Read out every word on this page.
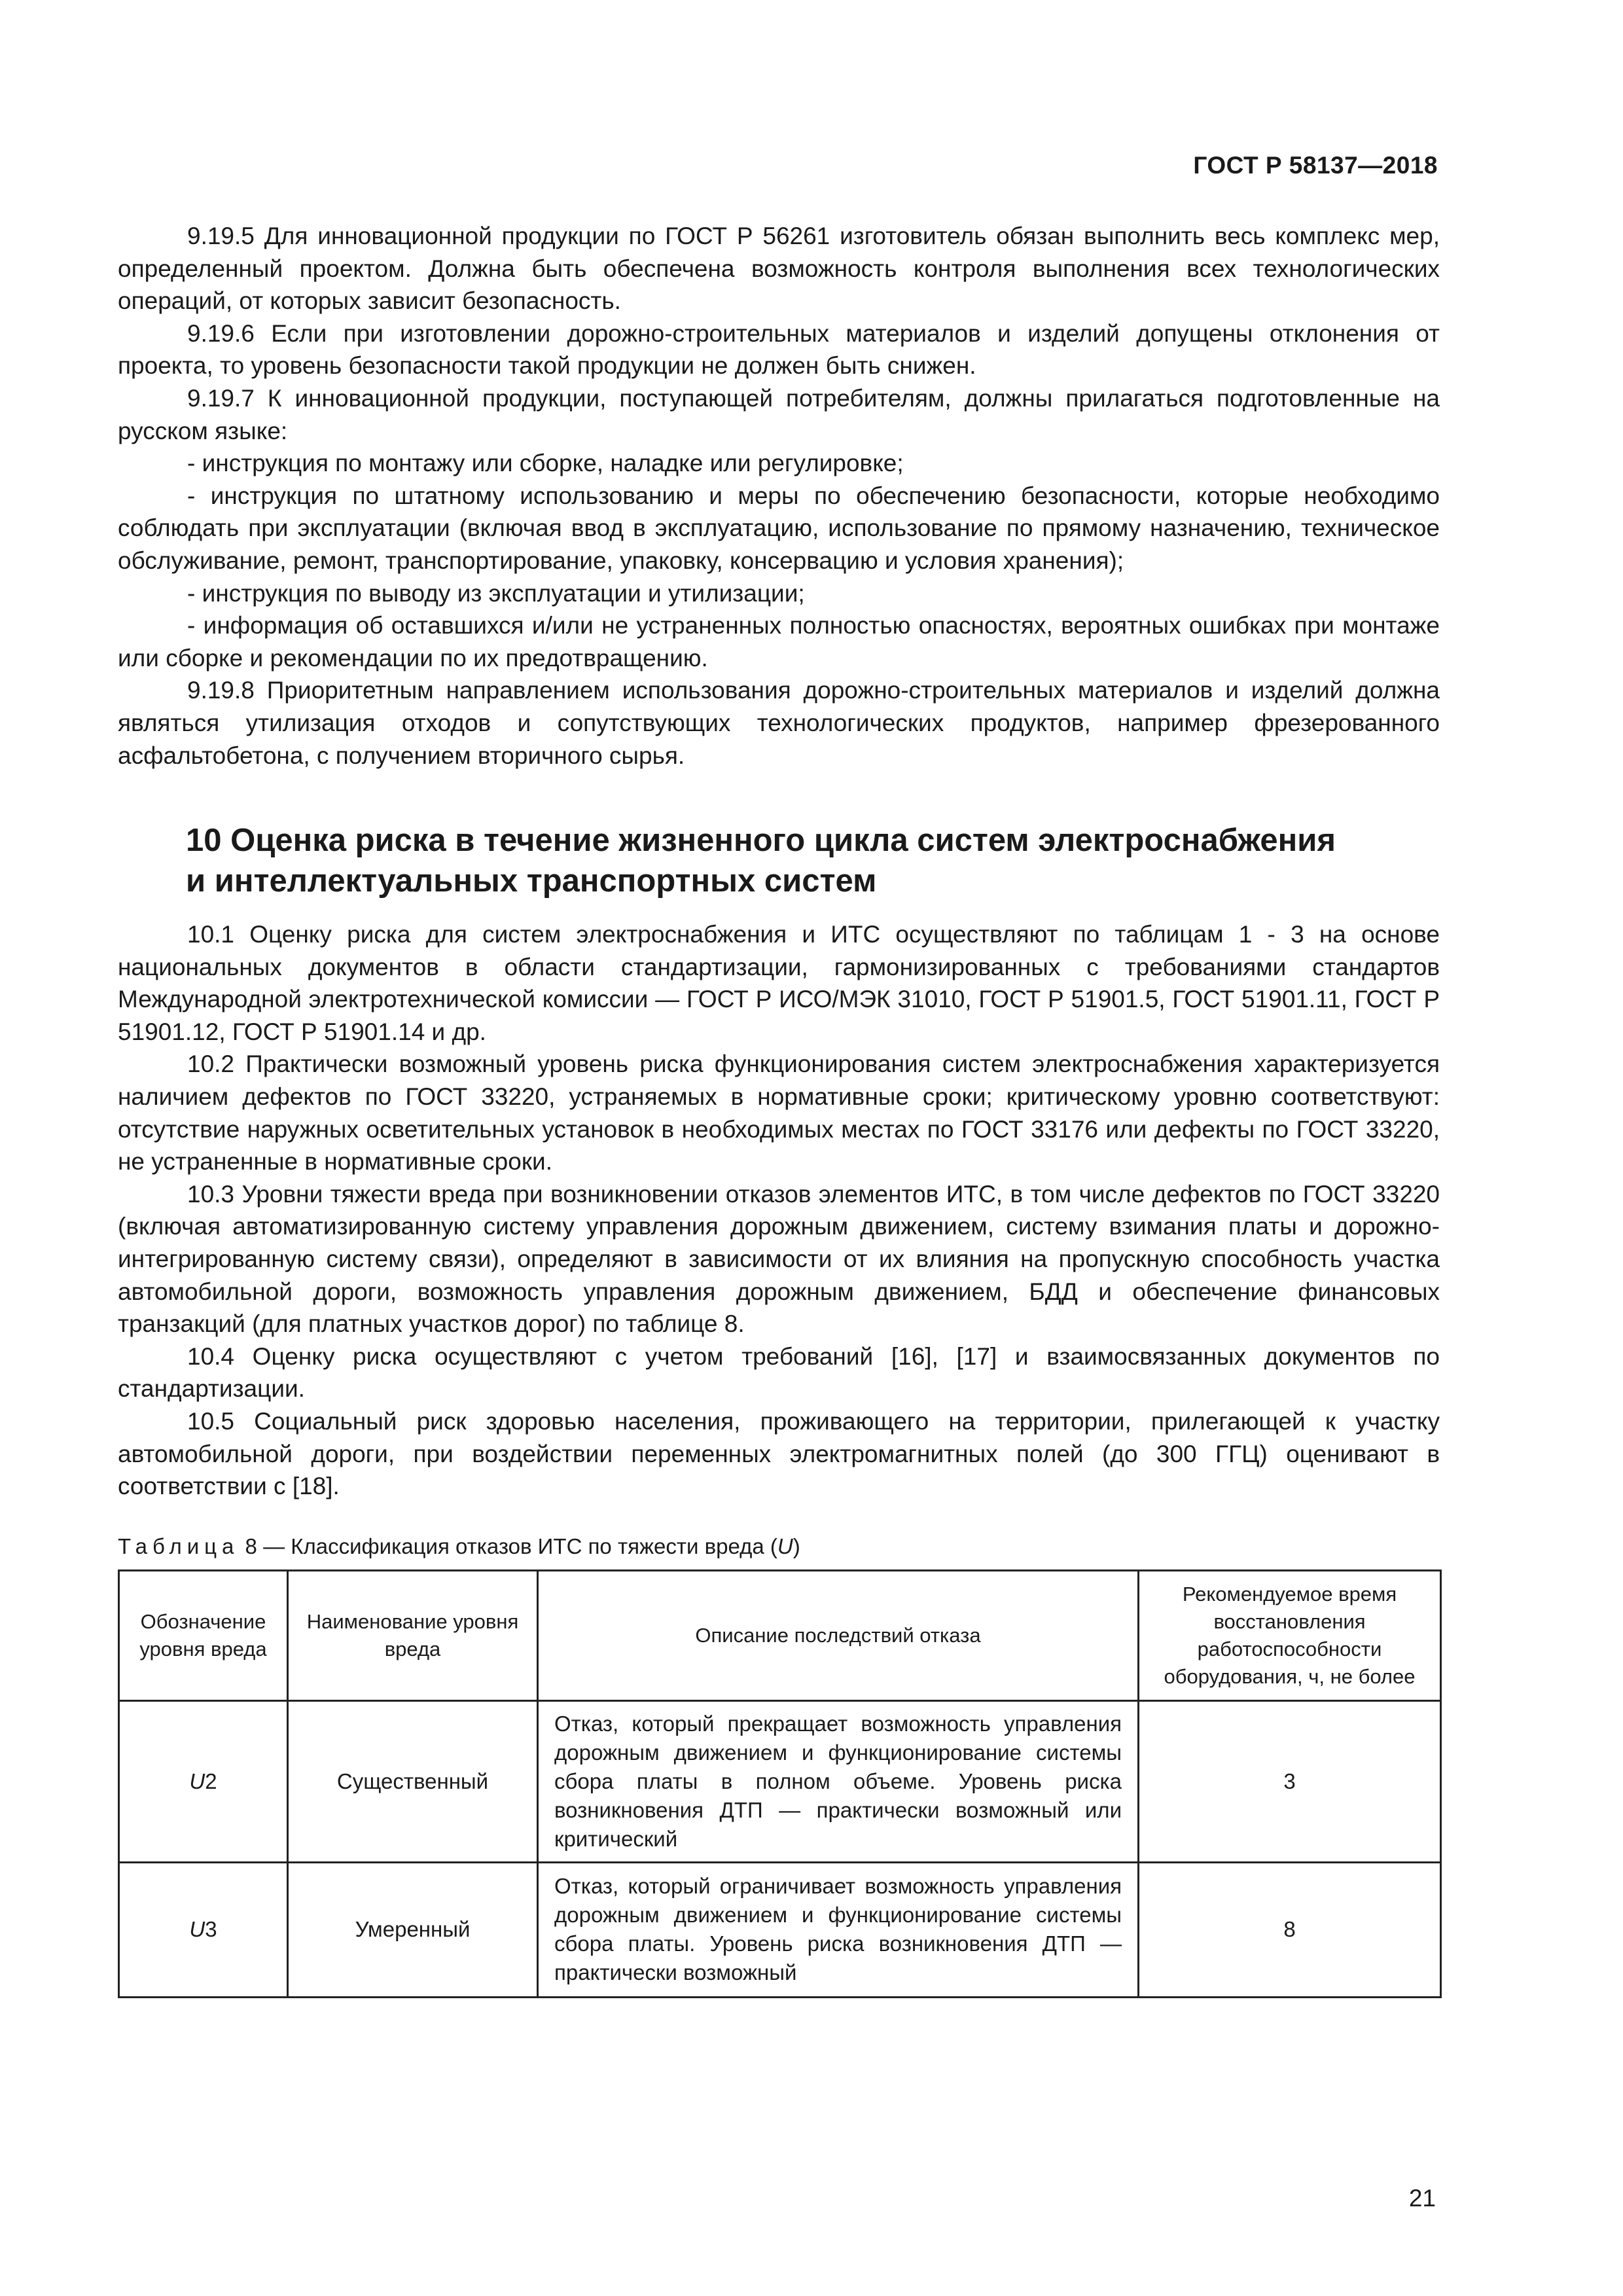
ГОСТ Р 58137—2018

9.19.5 Для инновационной продукции по ГОСТ Р 56261 изготовитель обязан выполнить весь комплекс мер, определенный проектом. Должна быть обеспечена возможность контроля выполнения всех технологических операций, от которых зависит безопасность.

9.19.6 Если при изготовлении дорожно-строительных материалов и изделий допущены отклонения от проекта, то уровень безопасности такой продукции не должен быть снижен.

9.19.7 К инновационной продукции, поступающей потребителям, должны прилагаться подготовленные на русском языке:

- инструкция по монтажу или сборке, наладке или регулировке;

- инструкция по штатному использованию и меры по обеспечению безопасности, которые необходимо соблюдать при эксплуатации (включая ввод в эксплуатацию, использование по прямому назначению, техническое обслуживание, ремонт, транспортирование, упаковку, консервацию и условия хранения);

- инструкция по выводу из эксплуатации и утилизации;

- информация об оставшихся и/или не устраненных полностью опасностях, вероятных ошибках при монтаже или сборке и рекомендации по их предотвращению.

9.19.8 Приоритетным направлением использования дорожно-строительных материалов и изделий должна являться утилизация отходов и сопутствующих технологических продуктов, например фрезерованного асфальтобетона, с получением вторичного сырья.

10 Оценка риска в течение жизненного цикла систем электроснабжения
и интеллектуальных транспортных систем

10.1 Оценку риска для систем электроснабжения и ИТС осуществляют по таблицам 1 - 3 на основе национальных документов в области стандартизации, гармонизированных с требованиями стандартов Международной электротехнической комиссии — ГОСТ Р ИСО/МЭК 31010, ГОСТ Р 51901.5, ГОСТ 51901.11, ГОСТ Р 51901.12, ГОСТ Р 51901.14 и др.

10.2 Практически возможный уровень риска функционирования систем электроснабжения характеризуется наличием дефектов по ГОСТ 33220, устраняемых в нормативные сроки; критическому уровню соответствуют: отсутствие наружных осветительных установок в необходимых местах по ГОСТ 33176 или дефекты по ГОСТ 33220, не устраненные в нормативные сроки.

10.3 Уровни тяжести вреда при возникновении отказов элементов ИТС, в том числе дефектов по ГОСТ 33220 (включая автоматизированную систему управления дорожным движением, систему взимания платы и дорожно-интегрированную систему связи), определяют в зависимости от их влияния на пропускную способность участка автомобильной дороги, возможность управления дорожным движением, БДД и обеспечение финансовых транзакций (для платных участков дорог) по таблице 8.

10.4 Оценку риска осуществляют с учетом требований [16], [17] и взаимосвязанных документов по стандартизации.

10.5 Социальный риск здоровью населения, проживающего на территории, прилегающей к участку автомобильной дороги, при воздействии переменных электромагнитных полей (до 300 ГГЦ) оценивают в соответствии с [18].

Таблица 8 — Классификация отказов ИТС по тяжести вреда (U)
Обозначение уровня вреда	Наименование уровня вреда	Описание последствий отказа	Рекомендуемое время восстановления работоспособности оборудования, ч, не более
U2	Существенный	Отказ, который прекращает возможность управления дорожным движением и функционирование системы сбора платы в полном объеме. Уровень риска возникновения ДТП — практически возможный или критический	3
U3	Умеренный	Отказ, который ограничивает возможность управления дорожным движением и функционирование системы сбора платы. Уровень риска возникновения ДТП — практически возможный	8
21
